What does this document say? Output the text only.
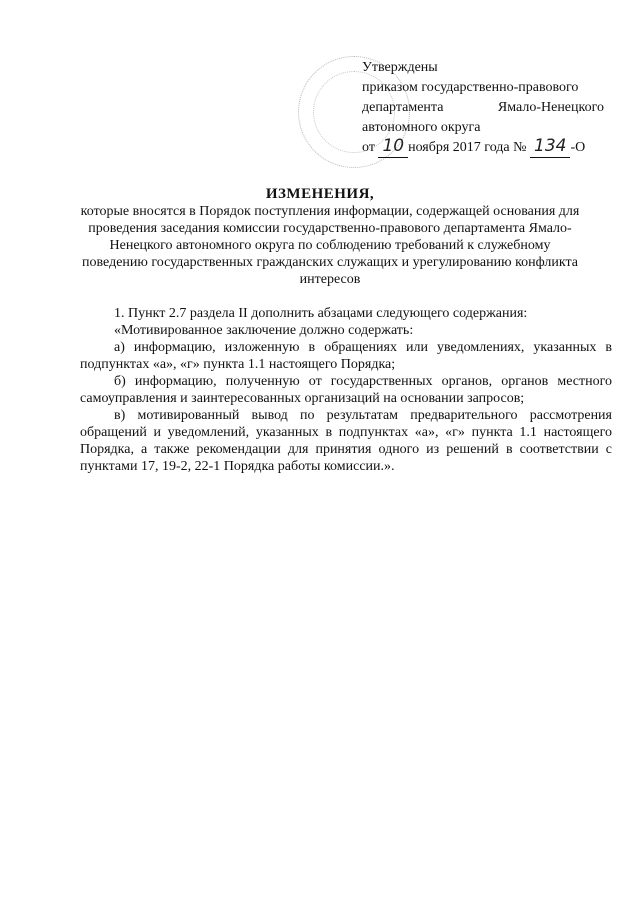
Утверждены
приказом государственно-правового
департамента	Ямало-Ненецкого
автономного округа
от
10 ноября 2017 года №
134 -О
ИЗМЕНЕНИЯ,
которые вносятся в Порядок поступления информации, содержащей основания для проведения заседания комиссии государственно-правового департамента Ямало-Ненецкого автономного округа по соблюдению требований к служебному поведению государственных гражданских служащих и урегулированию конфликта интересов

1. Пункт 2.7 раздела II дополнить абзацами следующего содержания:

«Мотивированное заключение должно содержать:

а) информацию, изложенную в обращениях или уведомлениях, указанных в подпунктах «а», «г» пункта 1.1 настоящего Порядка;

б) информацию, полученную от государственных органов, органов местного самоуправления и заинтересованных организаций на основании запросов;

в) мотивированный вывод по результатам предварительного рассмотрения обращений и уведомлений, указанных в подпунктах «а», «г» пункта 1.1 настоящего Порядка, а также рекомендации для принятия одного из решений в соответствии с пунктами 17, 19-2, 22-1 Порядка работы комиссии.».
